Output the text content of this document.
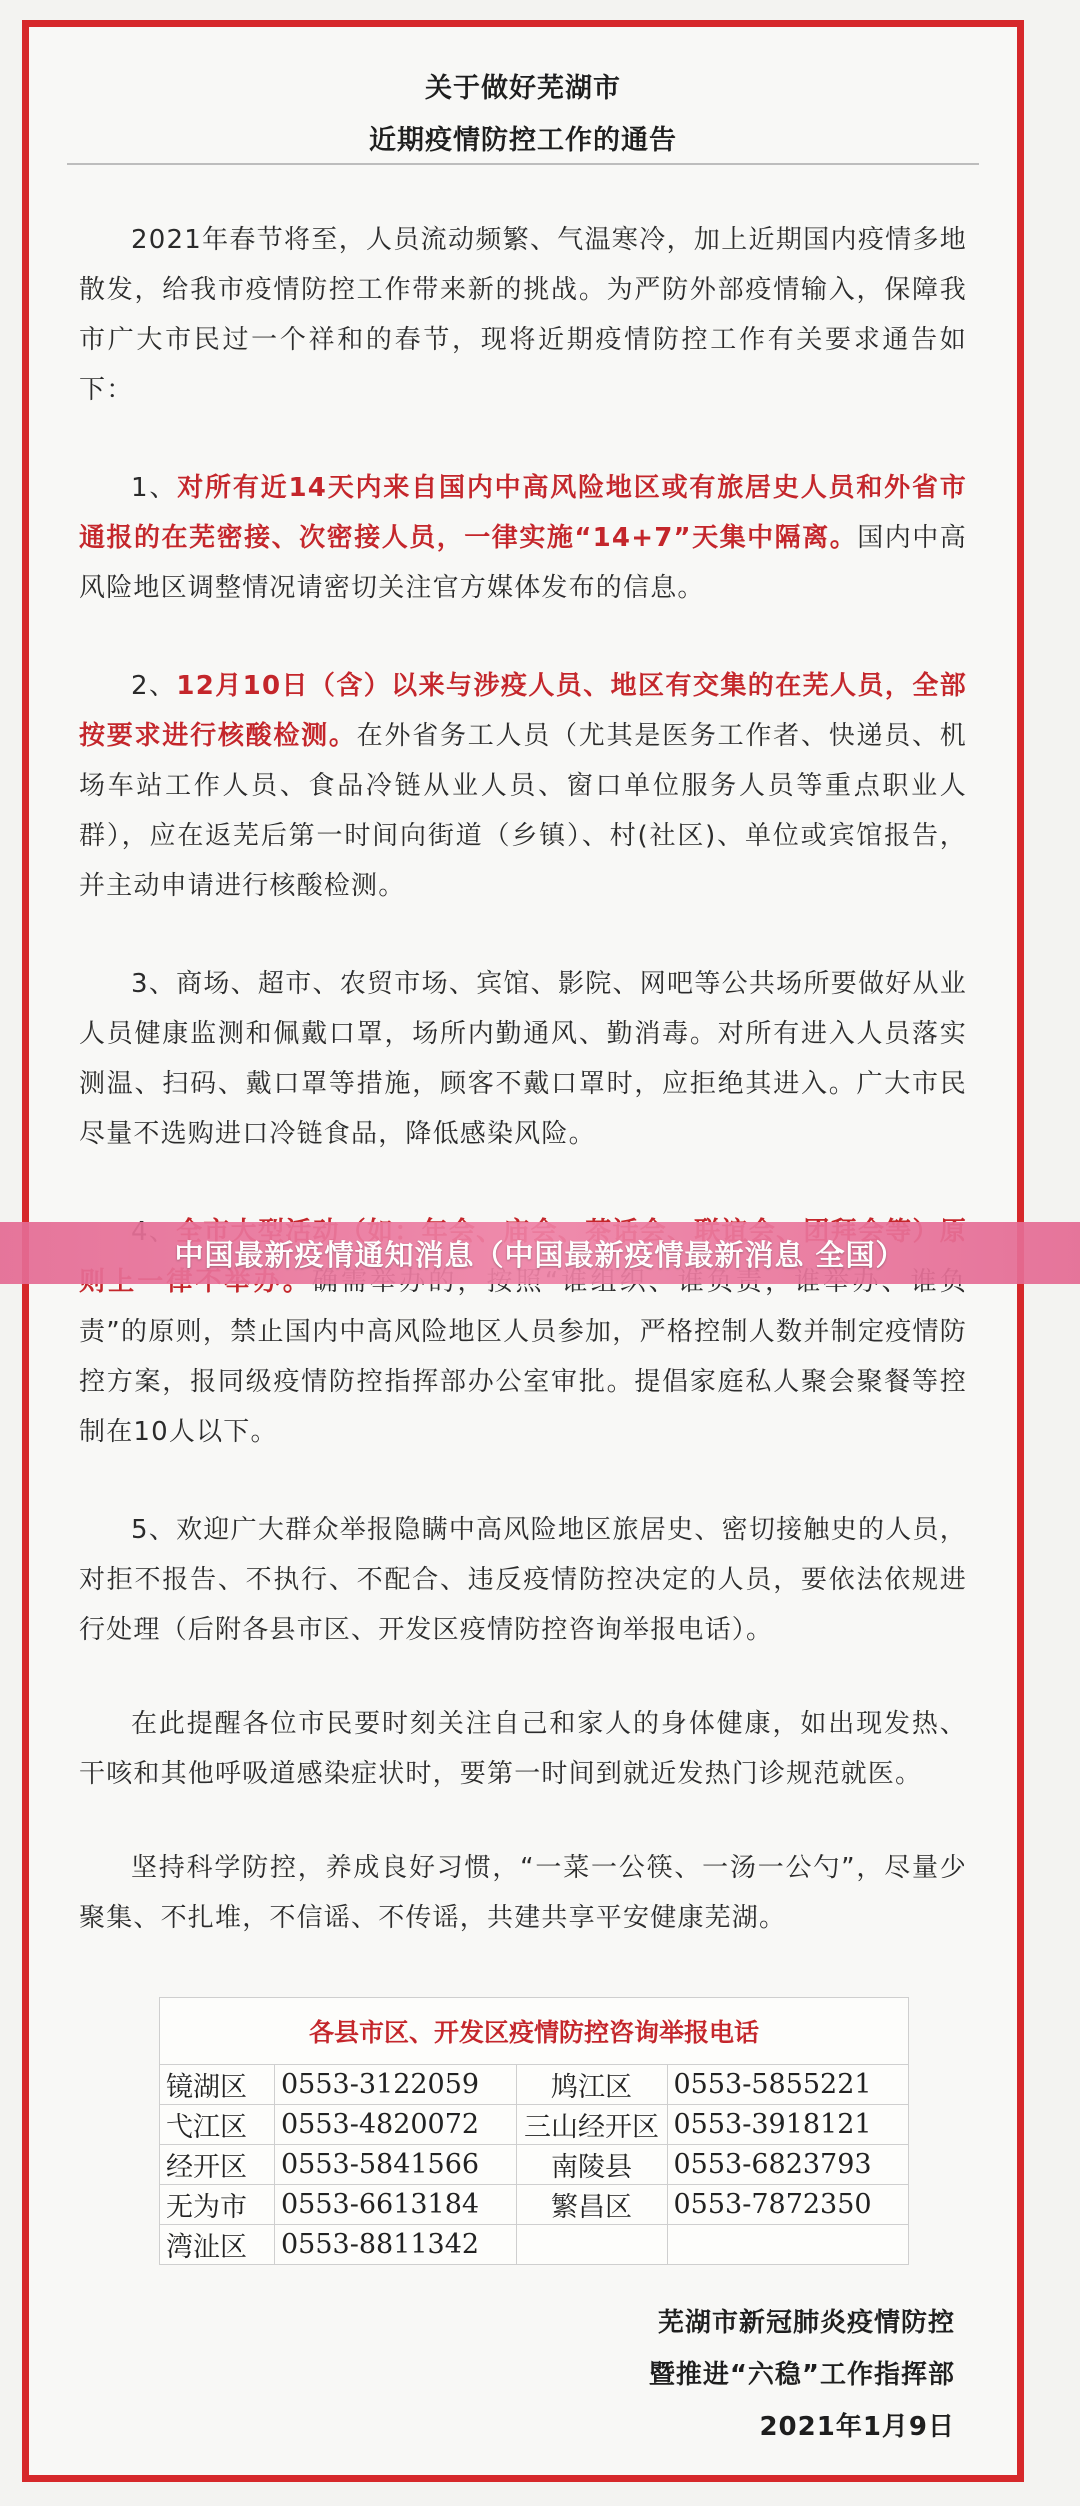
关于做好芜湖市
近期疫情防控工作的通告

2021年春节将至，人员流动频繁、气温寒冷，加上近期国内疫情多地散发，给我市疫情防控工作带来新的挑战。为严防外部疫情输入，保障我市广大市民过一个祥和的春节，现将近期疫情防控工作有关要求通告如下：

1、对所有近14天内来自国内中高风险地区或有旅居史人员和外省市通报的在芜密接、次密接人员，一律实施“14+7”天集中隔离。国内中高风险地区调整情况请密切关注官方媒体发布的信息。

2、12月10日（含）以来与涉疫人员、地区有交集的在芜人员，全部按要求进行核酸检测。在外省务工人员（尤其是医务工作者、快递员、机场车站工作人员、食品冷链从业人员、窗口单位服务人员等重点职业人群），应在返芜后第一时间向街道（乡镇）、村(社区)、单位或宾馆报告，并主动申请进行核酸检测。

3、商场、超市、农贸市场、宾馆、影院、网吧等公共场所要做好从业人员健康监测和佩戴口罩，场所内勤通风、勤消毒。对所有进入人员落实测温、扫码、戴口罩等措施，顾客不戴口罩时，应拒绝其进入。广大市民尽量不选购进口冷链食品，降低感染风险。

责”的原则，禁止国内中高风险地区人员参加，严格控制人数并制定疫情防控方案，报同级疫情防控指挥部办公室审批。提倡家庭私人聚会聚餐等控制在10人以下。

5、欢迎广大群众举报隐瞒中高风险地区旅居史、密切接触史的人员，对拒不报告、不执行、不配合、违反疫情防控决定的人员，要依法依规进行处理（后附各县市区、开发区疫情防控咨询举报电话）。

在此提醒各位市民要时刻关注自己和家人的身体健康，如出现发热、干咳和其他呼吸道感染症状时，要第一时间到就近发热门诊规范就医。

坚持科学防控，养成良好习惯，“一菜一公筷、一汤一公勺”，尽量少聚集、不扎堆，不信谣、不传谣，共建共享平安健康芜湖。

各县市区、开发区疫情防控咨询举报电话			
镜湖区	0553-3122059	鸠江区	0553-5855221
弋江区	0553-4820072	三山经开区	0553-3918121
经开区	0553-5841566	南陵县	0553-6823793
无为市	0553-6613184	繁昌区	0553-7872350
湾沚区	0553-8811342		
芜湖市新冠肺炎疫情防控
暨推进“六稳”工作指挥部
2021年1月9日
中国最新疫情通知消息（中国最新疫情最新消息 全国）
